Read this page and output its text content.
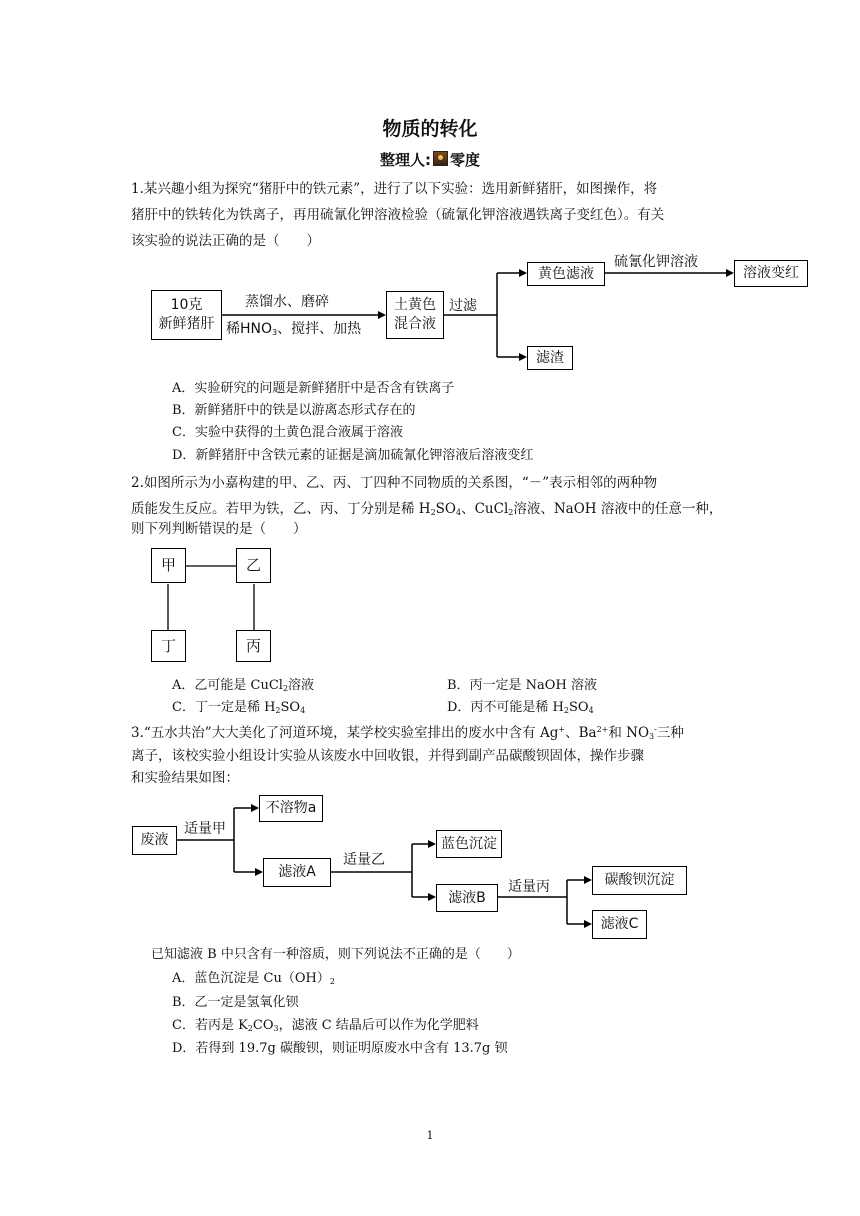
物质的转化
整理人: 零度
1.某兴趣小组为探究“猪肝中的铁元素”，进行了以下实验：选用新鲜猪肝，如图操作，将
猪肝中的铁转化为铁离子，再用硫氰化钾溶液检验（硫氰化钾溶液遇铁离子变红色）。有关
该实验的说法正确的是（　　）
10克
新鲜猪肝
蒸馏水、磨碎
稀$HNO_3$、搅拌、加热
土黄色
混合液
过滤
黄色滤液
硫氰化钾溶液
溶液变红
滤渣
A．实验研究的问题是新鲜猪肝中是否含有铁离子
B．新鲜猪肝中的铁是以游离态形式存在的
C．实验中获得的土黄色混合液属于溶液
D．新鲜猪肝中含铁元素的证据是滴加硫氰化钾溶液后溶液变红
2.如图所示为小嘉构建的甲、乙、丙、丁四种不同物质的关系图，“－”表示相邻的两种物
质能发生反应。若甲为铁，乙、丙、丁分别是稀 $H_2SO_4$、CuCl$_2$溶液、NaOH 溶液中的任意一种，
则下列判断错误的是（　　）
甲	乙
丁	丙
A．乙可能是 CuCl$_2$溶液	B．丙一定是 NaOH 溶液
C．丁一定是稀 $H_2SO_4$	D．丙不可能是稀 $H_2SO_4$
3.“五水共治”大大美化了河道环境，某学校实验室排出的废水中含有 Ag+、$Ba^{2+}$和 $NO_3^-$三种
离子，该校实验小组设计实验从该废水中回收银，并得到副产品碳酸钡固体，操作步骤
和实验结果如图：
废液
适量甲
不溶物a
滤液A
适量乙
蓝色沉淀
滤液B
适量丙	碳酸钡沉淀
滤液C
已知滤液 B 中只含有一种溶质，则下列说法不正确的是（　　）
A．蓝色沉淀是 $Cu(OH)_2$
B．乙一定是氢氧化钡
C．若丙是 $K_2CO_3$，滤液 C 结晶后可以作为化学肥料
D．若得到 19.7g 碳酸钡，则证明原废水中含有 13.7g 钡
1
